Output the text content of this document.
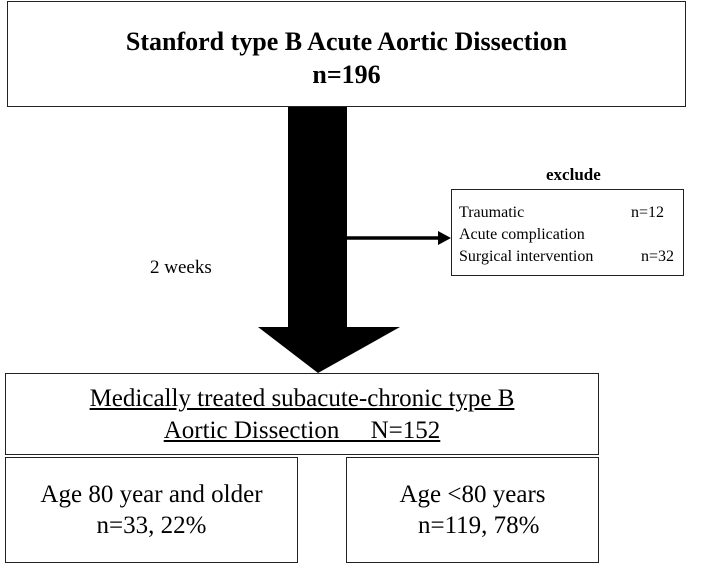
Stanford type B Acute Aortic Dissection
n=196
exclude
Traumatic	n=12
Acute complication
Surgical intervention	n=32
2 weeks
Medically treated subacute-chronic type B
Aortic Dissection     N=152
Age 80 year and older
n=33, 22%
Age <80 years
n=119, 78%
